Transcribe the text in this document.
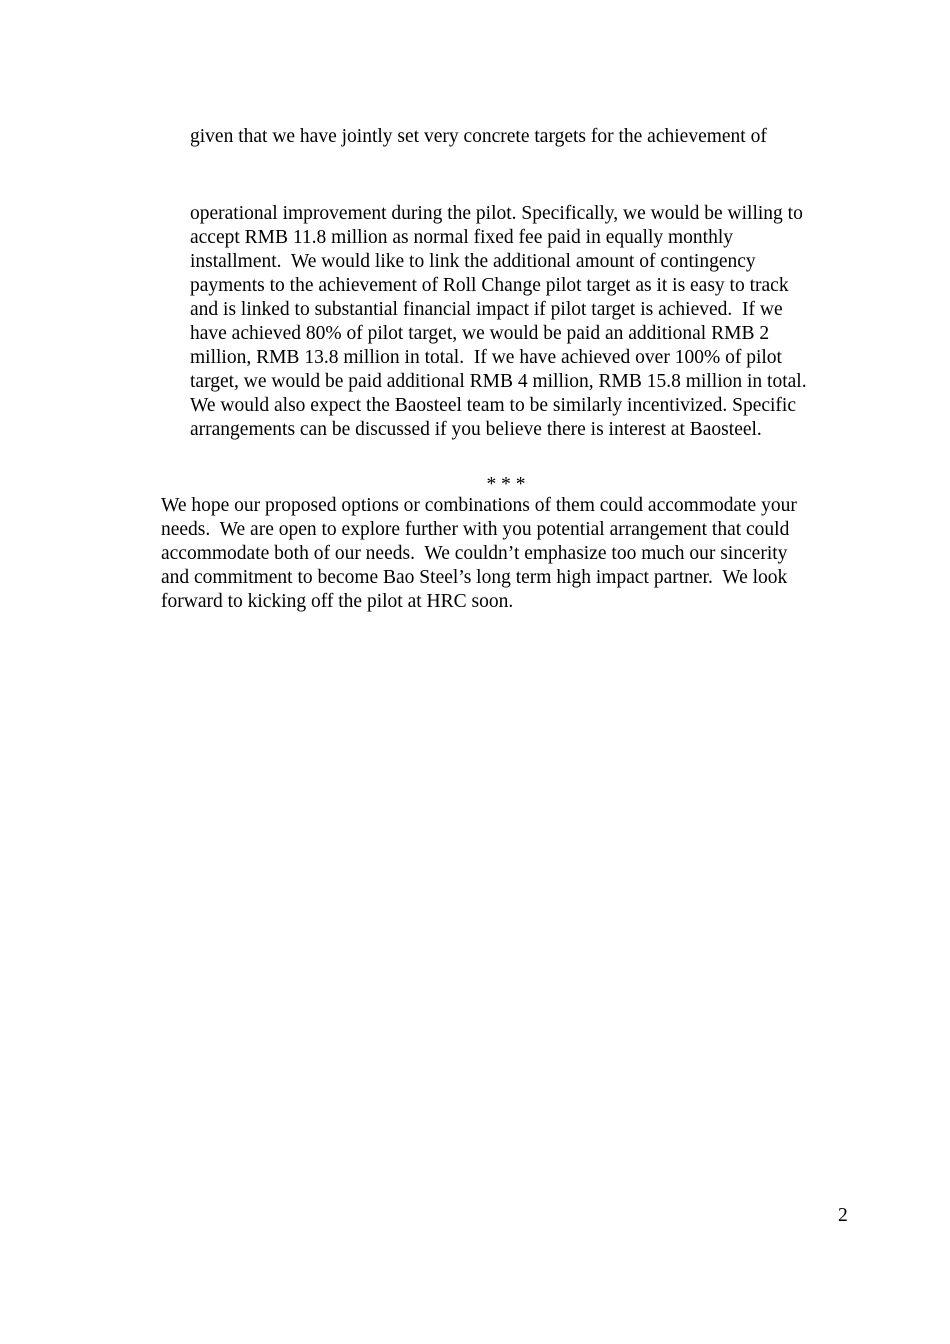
given that we have jointly set very concrete targets for the achievement of

operational improvement during the pilot. Specifically, we would be willing to

accept RMB 11.8 million as normal fixed fee paid in equally monthly

installment.  We would like to link the additional amount of contingency

payments to the achievement of Roll Change pilot target as it is easy to track

and is linked to substantial financial impact if pilot target is achieved.  If we

have achieved 80% of pilot target, we would be paid an additional RMB 2

million, RMB 13.8 million in total.  If we have achieved over 100% of pilot

target, we would be paid additional RMB 4 million, RMB 15.8 million in total.

We would also expect the Baosteel team to be similarly incentivized. Specific

arrangements can be discussed if you believe there is interest at Baosteel.

* * *

We hope our proposed options or combinations of them could accommodate your

needs.  We are open to explore further with you potential arrangement that could

accommodate both of our needs.  We couldn’t emphasize too much our sincerity

and commitment to become Bao Steel’s long term high impact partner.  We look

forward to kicking off the pilot at HRC soon.

2
